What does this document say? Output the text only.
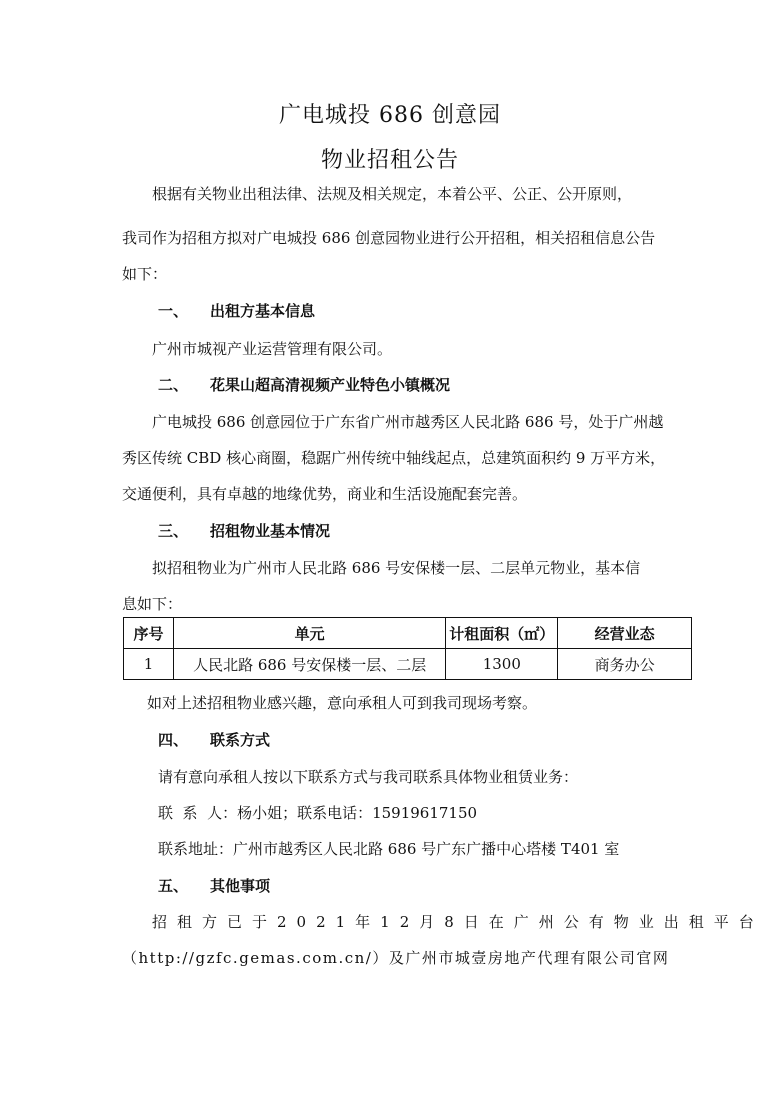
广电城投 686 创意园
物业招租公告
根据有关物业出租法律、法规及相关规定，本着公平、公正、公开原则，
我司作为招租方拟对广电城投 686 创意园物业进行公开招租，相关招租信息公告
如下：
一、 出租方基本信息
广州市城视产业运营管理有限公司。
二、 花果山超高清视频产业特色小镇概况
广电城投 686 创意园位于广东省广州市越秀区人民北路 686 号，处于广州越
秀区传统 CBD 核心商圈，稳踞广州传统中轴线起点，总建筑面积约 9 万平方米，
交通便利，具有卓越的地缘优势，商业和生活设施配套完善。
三、 招租物业基本情况
拟招租物业为广州市人民北路 686 号安保楼一层、二层单元物业，基本信
息如下：
序号	单元	计租面积（㎡）	经营业态
1	人民北路 686 号安保楼一层、二层	1300	商务办公
如对上述招租物业感兴趣，意向承租人可到我司现场考察。
四、 联系方式
请有意向承租人按以下联系方式与我司联系具体物业租赁业务：
联  系  人：杨小姐；联系电话：15919617150
联系地址：广州市越秀区人民北路 686 号广东广播中心塔楼 T401 室
五、 其他事项
招租方已于2021年12月8日在广州公有物业出租平台
（http://gzfc.gemas.com.cn/）及广州市城壹房地产代理有限公司官网
